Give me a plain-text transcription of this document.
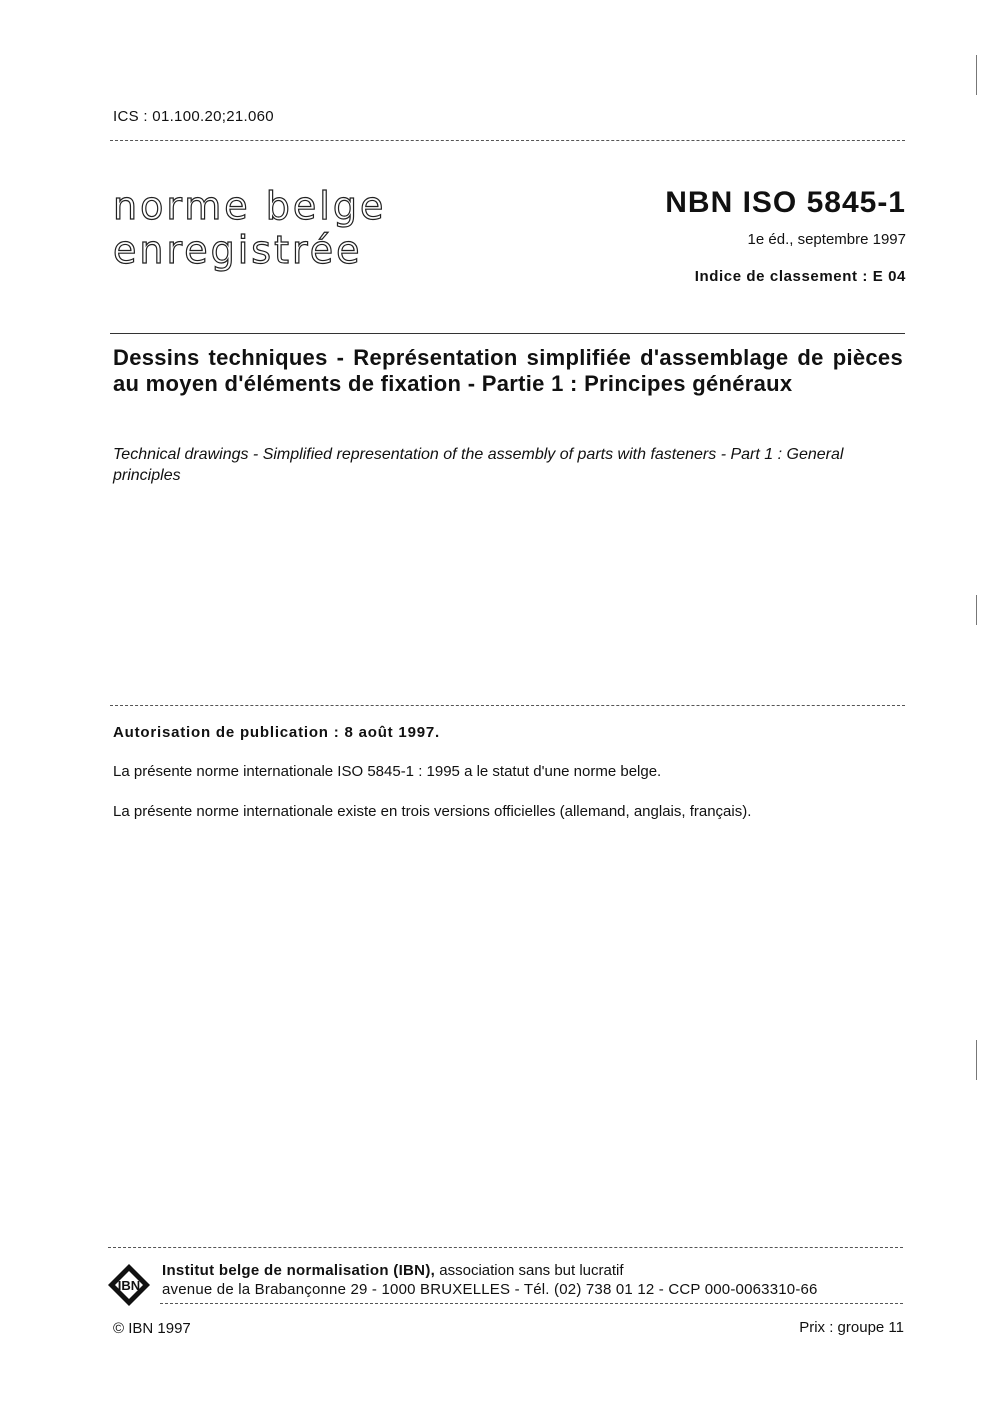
ICS : 01.100.20;21.060
norme belge
enregistrée
NBN ISO 5845-1
1e éd., septembre 1997
Indice de classement : E 04
Dessins techniques - Représentation simplifiée d'assemblage de pièces au moyen d'éléments de fixation - Partie 1 : Principes généraux
Technical drawings - Simplified representation of the assembly of parts with fasteners - Part 1 : General principles
Autorisation de publication : 8 août 1997.
La présente norme internationale ISO 5845-1 : 1995 a le statut d'une norme belge.
La présente norme internationale existe en trois versions officielles (allemand, anglais, français).
IBN
Institut belge de normalisation (IBN), association sans but lucratif
avenue de la Brabançonne 29 - 1000 BRUXELLES - Tél. (02) 738 01 12 - CCP 000-0063310-66
© IBN 1997	Prix : groupe 11
